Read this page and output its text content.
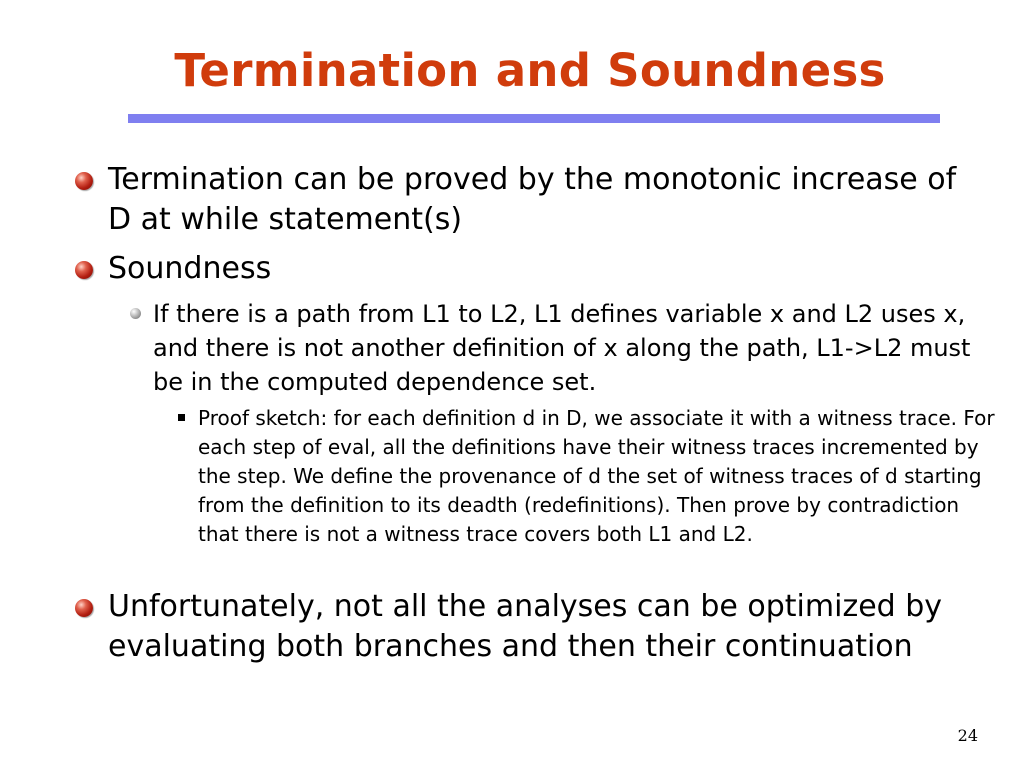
Termination and Soundness
Termination can be proved by the monotonic increase of D at while statement(s)
Soundness
If there is a path from L1 to L2, L1 defines variable x and L2 uses x, and there is not another definition of x along the path, L1->L2 must be in the computed dependence set.
Proof sketch: for each definition d in D, we associate it with a witness trace. For each step of eval, all the definitions have their witness traces incremented by the step. We define the provenance of d the set of witness traces of d starting from the definition to its deadth (redefinitions). Then prove by contradiction that there is not a witness trace covers both L1 and L2.
Unfortunately, not all the analyses can be optimized by evaluating both branches and then their continuation
24
